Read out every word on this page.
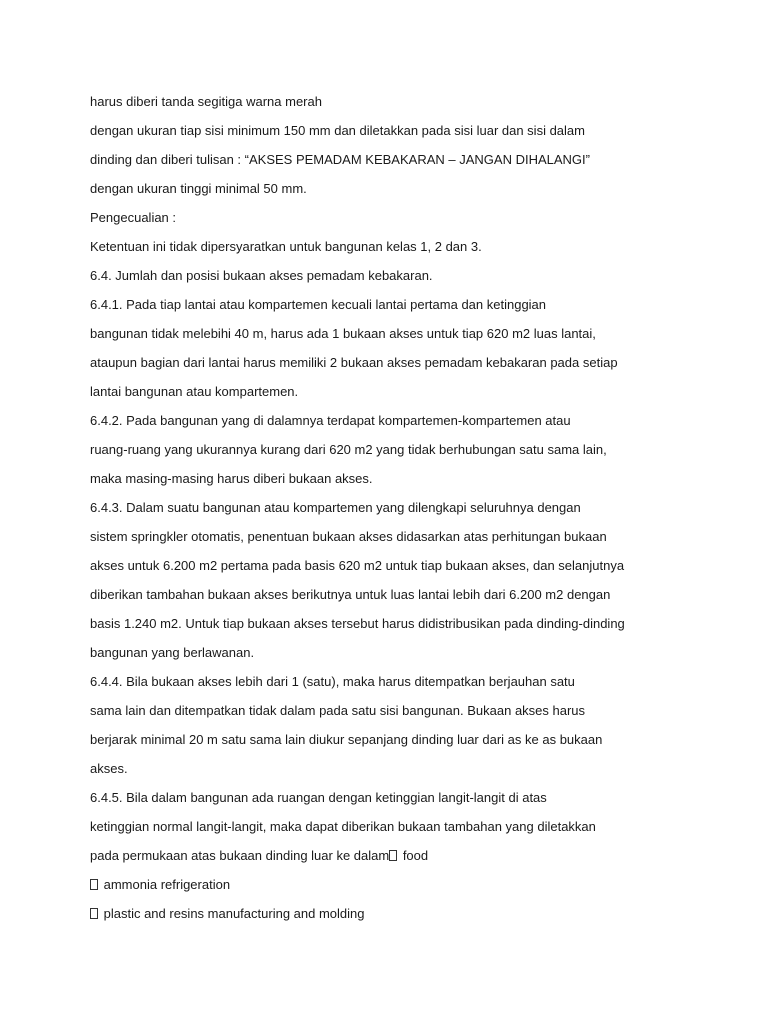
harus diberi tanda segitiga warna merah
dengan ukuran tiap sisi minimum 150 mm dan diletakkan pada sisi luar dan sisi dalam
dinding dan diberi tulisan : “AKSES PEMADAM KEBAKARAN – JANGAN DIHALANGI”
dengan ukuran tinggi minimal 50 mm.
Pengecualian :
Ketentuan ini tidak dipersyaratkan untuk bangunan kelas 1, 2 dan 3.
6.4. Jumlah dan posisi bukaan akses pemadam kebakaran.
6.4.1. Pada tiap lantai atau kompartemen kecuali lantai pertama dan ketinggian
bangunan tidak melebihi 40 m, harus ada 1 bukaan akses untuk tiap 620 m2 luas lantai,
ataupun bagian dari lantai harus memiliki 2 bukaan akses pemadam kebakaran pada setiap
lantai bangunan atau kompartemen.
6.4.2. Pada bangunan yang di dalamnya terdapat kompartemen-kompartemen atau
ruang-ruang yang ukurannya kurang dari 620 m2 yang tidak berhubungan satu sama lain,
maka masing-masing harus diberi bukaan akses.
6.4.3. Dalam suatu bangunan atau kompartemen yang dilengkapi seluruhnya dengan
sistem springkler otomatis, penentuan bukaan akses didasarkan atas perhitungan bukaan
akses untuk 6.200 m2 pertama pada basis 620 m2 untuk tiap bukaan akses, dan selanjutnya
diberikan tambahan bukaan akses berikutnya untuk luas lantai lebih dari 6.200 m2 dengan
basis 1.240 m2. Untuk tiap bukaan akses tersebut harus didistribusikan pada dinding-dinding
bangunan yang berlawanan.
6.4.4. Bila bukaan akses lebih dari 1 (satu), maka harus ditempatkan berjauhan satu
sama lain dan ditempatkan tidak dalam pada satu sisi bangunan. Bukaan akses harus
berjarak minimal 20 m satu sama lain diukur sepanjang dinding luar dari as ke as bukaan
akses.
6.4.5. Bila dalam bangunan ada ruangan dengan ketinggian langit-langit di atas
ketinggian normal langit-langit, maka dapat diberikan bukaan tambahan yang diletakkan
pada permukaan atas bukaan dinding luar ke dalam food
ammonia refrigeration
plastic and resins manufacturing and molding
